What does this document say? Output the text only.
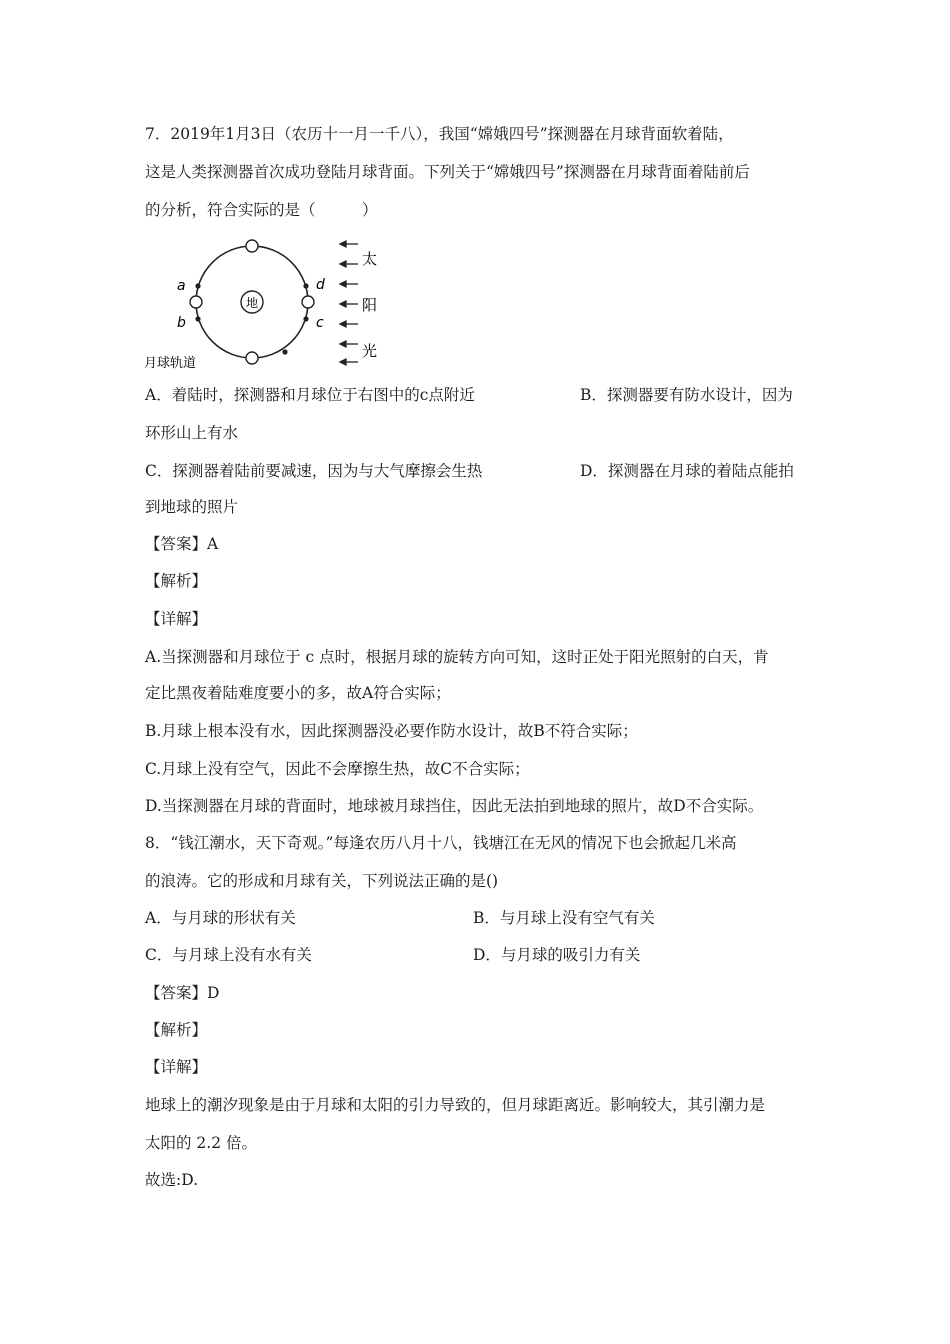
7．2019年1月3日（农历十一月一千八），我国“嫦娥四号”探测器在月球背面软着陆，
这是人类探测器首次成功登陆月球背面。下列关于“嫦娥四号”探测器在月球背面着陆前后
的分析，符合实际的是（　　　）
地
a
b	c
d
月球轨道
太
阳
光
A．着陆时，探测器和月球位于右图中的c点附近	B．探测器要有防水设计，因为
环形山上有水
C．探测器着陆前要减速，因为与大气摩擦会生热	D．探测器在月球的着陆点能拍
到地球的照片
【答案】A
【解析】
【详解】
A.当探测器和月球位于 c 点时，根据月球的旋转方向可知，这时正处于阳光照射的白天，肯
定比黑夜着陆难度要小的多，故A符合实际；
B.月球上根本没有水，因此探测器没必要作防水设计，故B不符合实际；
C.月球上没有空气，因此不会摩擦生热，故C不合实际；
D.当探测器在月球的背面时，地球被月球挡住，因此无法拍到地球的照片，故D不合实际。
8．“钱江潮水，天下奇观。”每逢农历八月十八，钱塘江在无风的情况下也会掀起几米高
的浪涛。它的形成和月球有关，下列说法正确的是()
A．与月球的形状有关	B．与月球上没有空气有关
C．与月球上没有水有关	D．与月球的吸引力有关
【答案】D
【解析】
【详解】
地球上的潮汐现象是由于月球和太阳的引力导致的，但月球距离近。影响较大，其引潮力是
太阳的 2.2 倍。
故选:D.
